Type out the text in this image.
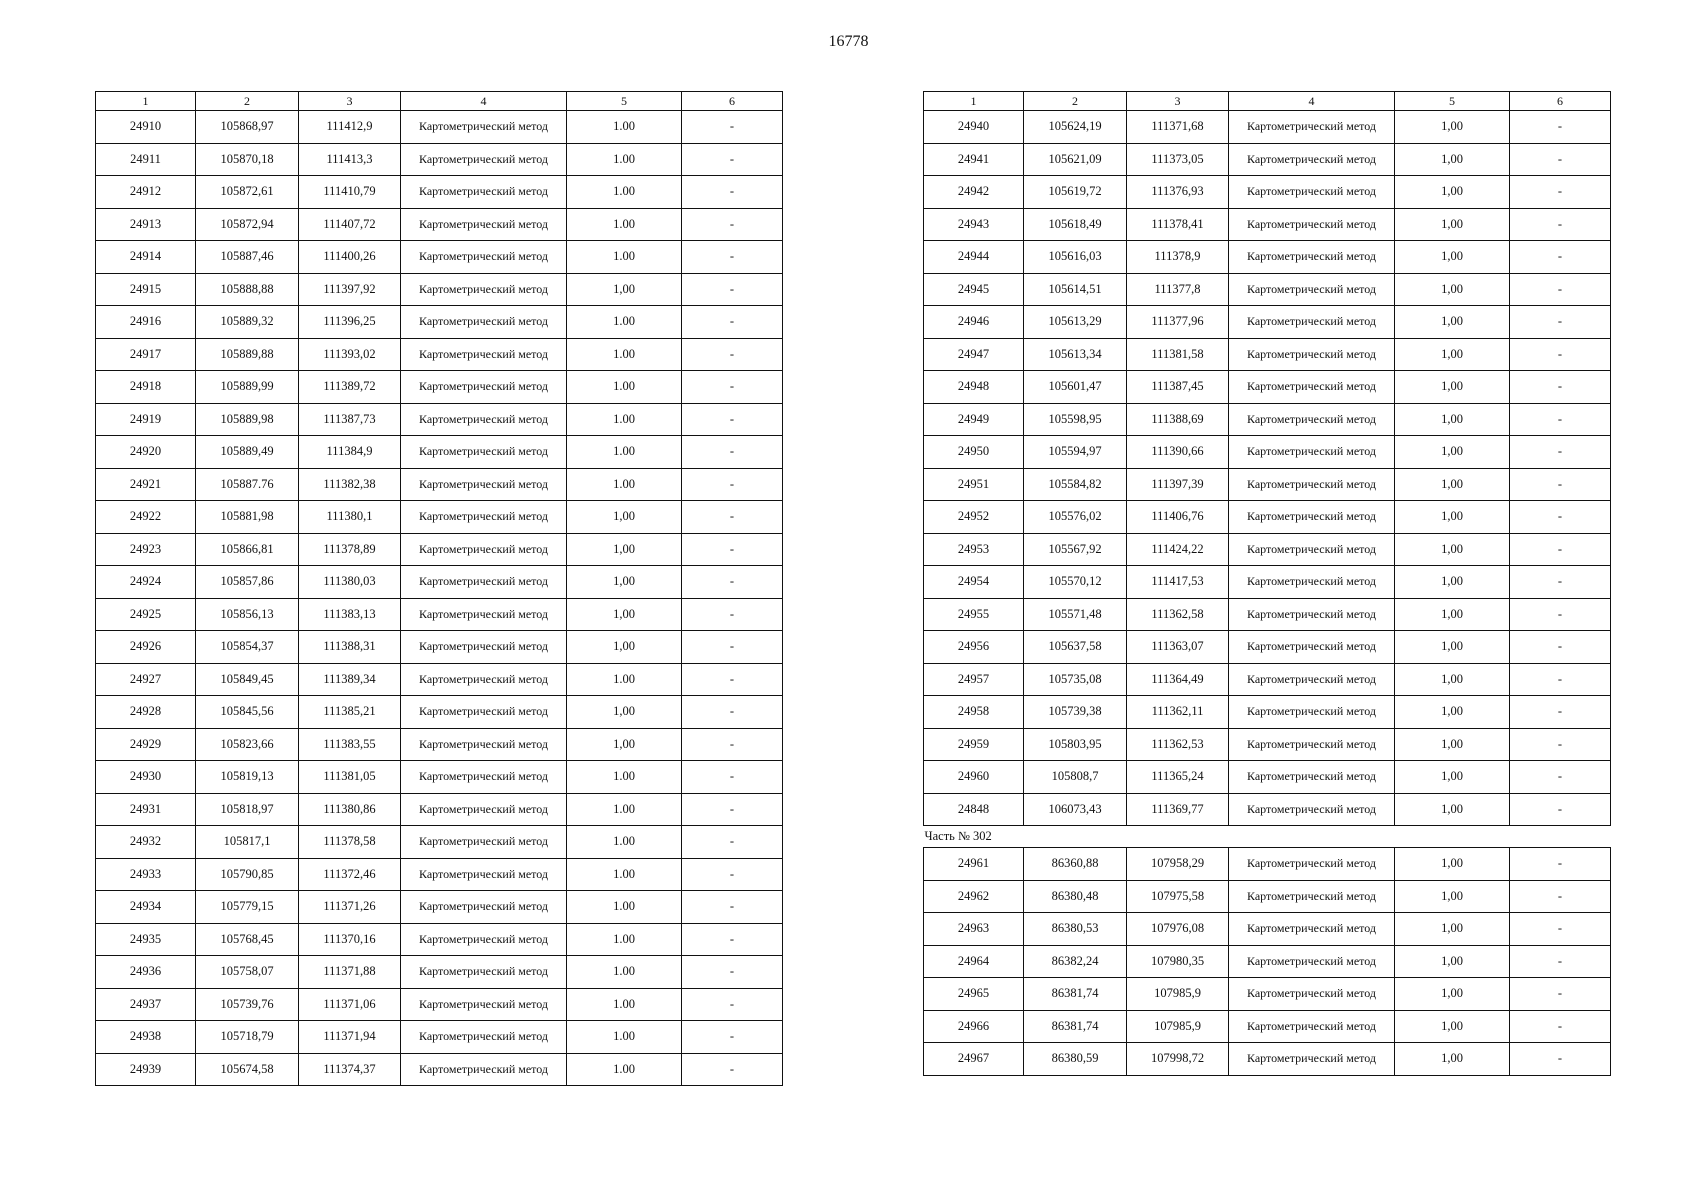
16778
1	2	3	4	5	6
24910	105868,97	111412,9	Картометрический метод	1.00	-
24911	105870,18	111413,3	Картометрический метод	1.00	-
24912	105872,61	111410,79	Картометрический метод	1.00	-
24913	105872,94	111407,72	Картометрический метод	1.00	-
24914	105887,46	111400,26	Картометрический метод	1.00	-
24915	105888,88	111397,92	Картометрический метод	1,00	-
24916	105889,32	111396,25	Картометрический метод	1.00	-
24917	105889,88	111393,02	Картометрический метод	1.00	-
24918	105889,99	111389,72	Картометрический метод	1.00	-
24919	105889,98	111387,73	Картометрический метод	1.00	-
24920	105889,49	111384,9	Картометрический метод	1.00	-
24921	105887.76	111382,38	Картометрический метод	1.00	-
24922	105881,98	111380,1	Картометрический метод	1,00	-
24923	105866,81	111378,89	Картометрический метод	1,00	-
24924	105857,86	111380,03	Картометрический метод	1,00	-
24925	105856,13	111383,13	Картометрический метод	1,00	-
24926	105854,37	111388,31	Картометрический метод	1,00	-
24927	105849,45	111389,34	Картометрический метод	1.00	-
24928	105845,56	111385,21	Картометрический метод	1,00	-
24929	105823,66	111383,55	Картометрический метод	1,00	-
24930	105819,13	111381,05	Картометрический метод	1.00	-
24931	105818,97	111380,86	Картометрический метод	1.00	-
24932	105817,1	111378,58	Картометрический метод	1.00	-
24933	105790,85	111372,46	Картометрический метод	1.00	-
24934	105779,15	111371,26	Картометрический метод	1.00	-
24935	105768,45	111370,16	Картометрический метод	1.00	-
24936	105758,07	111371,88	Картометрический метод	1.00	-
24937	105739,76	111371,06	Картометрический метод	1.00	-
24938	105718,79	111371,94	Картометрический метод	1.00	-
24939	105674,58	111374,37	Картометрический метод	1.00	-
1	2	3	4	5	6
24940	105624,19	111371,68	Картометрический метод	1,00	-
24941	105621,09	111373,05	Картометрический метод	1,00	-
24942	105619,72	111376,93	Картометрический метод	1,00	-
24943	105618,49	111378,41	Картометрический метод	1,00	-
24944	105616,03	111378,9	Картометрический метод	1,00	-
24945	105614,51	111377,8	Картометрический метод	1,00	-
24946	105613,29	111377,96	Картометрический метод	1,00	-
24947	105613,34	111381,58	Картометрический метод	1,00	-
24948	105601,47	111387,45	Картометрический метод	1,00	-
24949	105598,95	111388,69	Картометрический метод	1,00	-
24950	105594,97	111390,66	Картометрический метод	1,00	-
24951	105584,82	111397,39	Картометрический метод	1,00	-
24952	105576,02	111406,76	Картометрический метод	1,00	-
24953	105567,92	111424,22	Картометрический метод	1,00	-
24954	105570,12	111417,53	Картометрический метод	1,00	-
24955	105571,48	111362,58	Картометрический метод	1,00	-
24956	105637,58	111363,07	Картометрический метод	1,00	-
24957	105735,08	111364,49	Картометрический метод	1,00	-
24958	105739,38	111362,11	Картометрический метод	1,00	-
24959	105803,95	111362,53	Картометрический метод	1,00	-
24960	105808,7	111365,24	Картометрический метод	1,00	-
24848	106073,43	111369,77	Картометрический метод	1,00	-
Часть № 302					
24961	86360,88	107958,29	Картометрический метод	1,00	-
24962	86380,48	107975,58	Картометрический метод	1,00	-
24963	86380,53	107976,08	Картометрический метод	1,00	-
24964	86382,24	107980,35	Картометрический метод	1,00	-
24965	86381,74	107985,9	Картометрический метод	1,00	-
24966	86381,74	107985,9	Картометрический метод	1,00	-
24967	86380,59	107998,72	Картометрический метод	1,00	-
